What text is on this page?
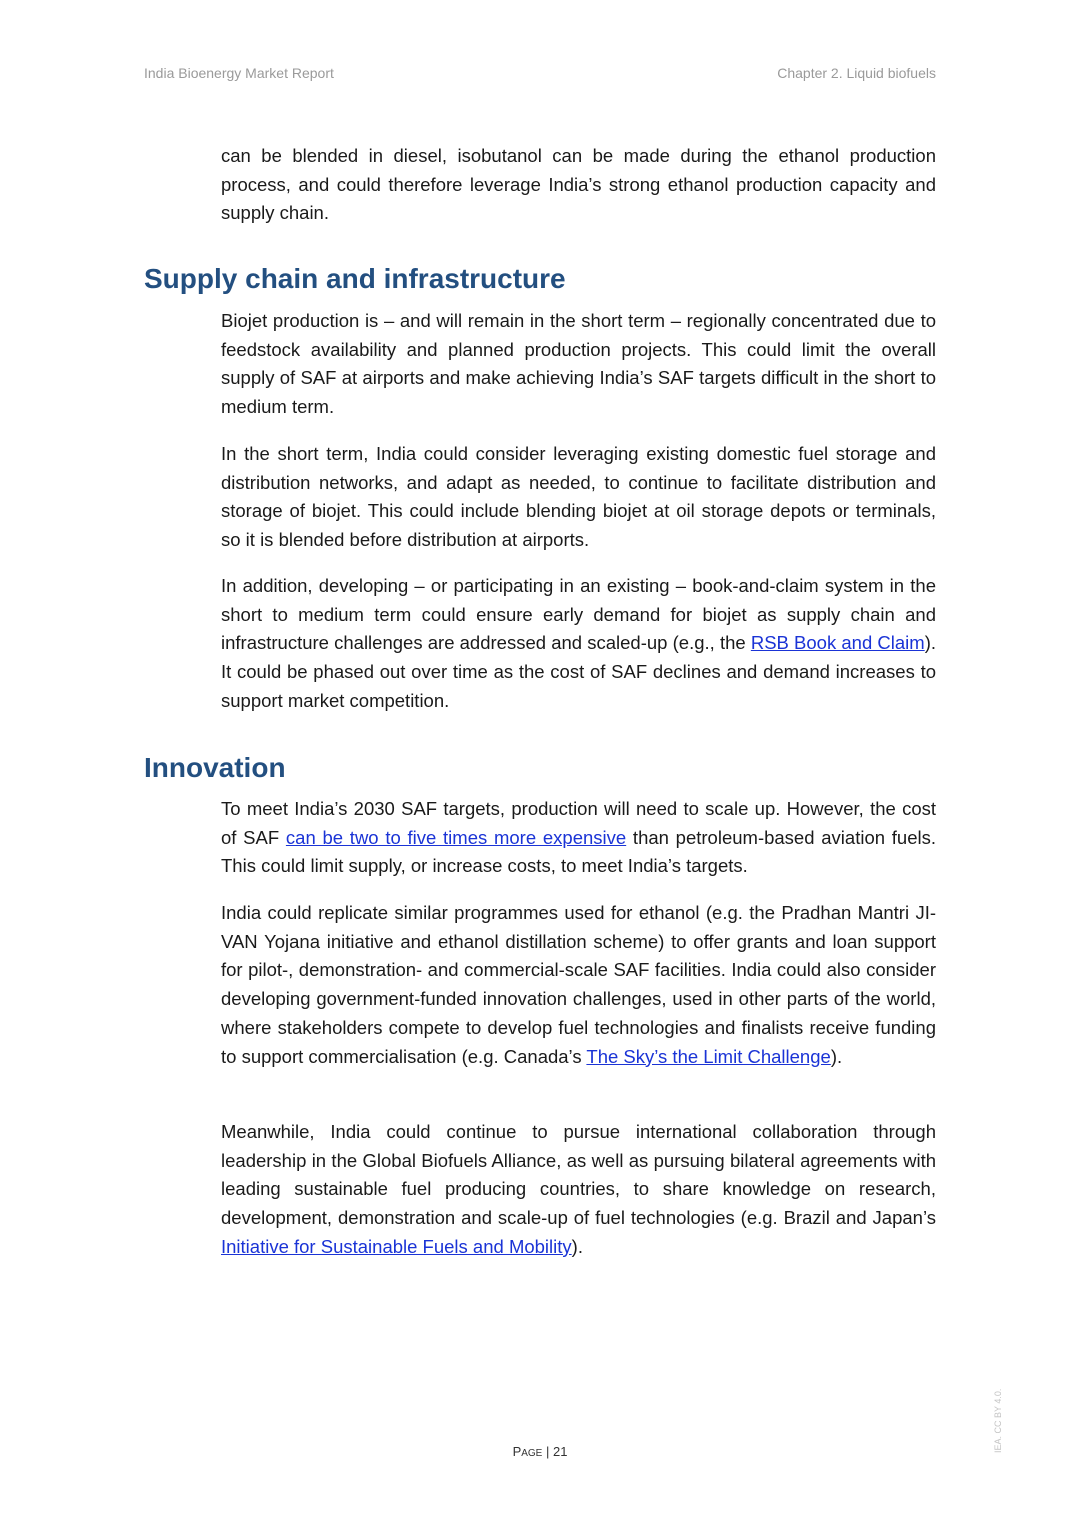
India Bioenergy Market Report	Chapter 2. Liquid biofuels

can be blended in diesel, isobutanol can be made during the ethanol production process, and could therefore leverage India’s strong ethanol production capacity and supply chain.

Supply chain and infrastructure

Biojet production is – and will remain in the short term – regionally concentrated due to feedstock availability and planned production projects. This could limit the overall supply of SAF at airports and make achieving India’s SAF targets difficult in the short to medium term.

In the short term, India could consider leveraging existing domestic fuel storage and distribution networks, and adapt as needed, to continue to facilitate distribution and storage of biojet. This could include blending biojet at oil storage depots or terminals, so it is blended before distribution at airports.

In addition, developing – or participating in an existing – book-and-claim system in the short to medium term could ensure early demand for biojet as supply chain and infrastructure challenges are addressed and scaled-up (e.g., the RSB Book and Claim). It could be phased out over time as the cost of SAF declines and demand increases to support market competition.

Innovation

To meet India’s 2030 SAF targets, production will need to scale up. However, the cost of SAF can be two to five times more expensive than petroleum-based aviation fuels. This could limit supply, or increase costs, to meet India’s targets.

India could replicate similar programmes used for ethanol (e.g. the Pradhan Mantri JI-VAN Yojana initiative and ethanol distillation scheme) to offer grants and loan support for pilot-, demonstration- and commercial-scale SAF facilities. India could also consider developing government-funded innovation challenges, used in other parts of the world, where stakeholders compete to develop fuel technologies and finalists receive funding to support commercialisation (e.g. Canada’s The Sky’s the Limit Challenge).

Meanwhile, India could continue to pursue international collaboration through leadership in the Global Biofuels Alliance, as well as pursuing bilateral agreements with leading sustainable fuel producing countries, to share knowledge on research, development, demonstration and scale-up of fuel technologies (e.g. Brazil and Japan’s Initiative for Sustainable Fuels and Mobility).

PAGE | 21	IEA. CC BY 4.0.
